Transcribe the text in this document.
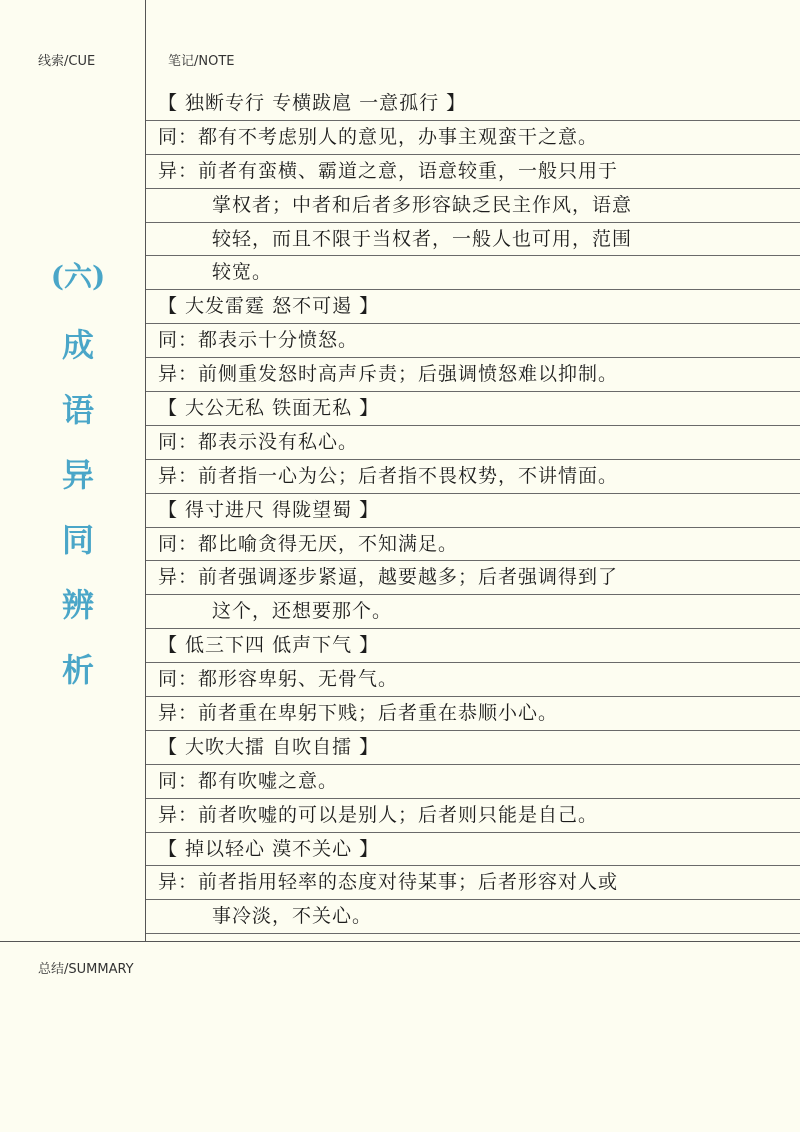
线索/CUE	笔记/NOTE
总结/SUMMARY
(六)
成
语
异
同
辨
析
【 独断专行 专横跋扈 一意孤行 】
同：都有不考虑别人的意见，办事主观蛮干之意。
异：前者有蛮横、霸道之意，语意较重，一般只用于
掌权者；中者和后者多形容缺乏民主作风，语意
较轻，而且不限于当权者，一般人也可用，范围
较宽。
【 大发雷霆 怒不可遏 】
同：都表示十分愤怒。
异：前侧重发怒时高声斥责；后强调愤怒难以抑制。
【 大公无私 铁面无私 】
同：都表示没有私心。
异：前者指一心为公；后者指不畏权势，不讲情面。
【 得寸进尺 得陇望蜀 】
同：都比喻贪得无厌，不知满足。
异：前者强调逐步紧逼，越要越多；后者强调得到了
这个，还想要那个。
【 低三下四 低声下气 】
同：都形容卑躬、无骨气。
异：前者重在卑躬下贱；后者重在恭顺小心。
【 大吹大擂 自吹自擂 】
同：都有吹嘘之意。
异：前者吹嘘的可以是别人；后者则只能是自己。
【 掉以轻心 漠不关心 】
异：前者指用轻率的态度对待某事；后者形容对人或
事冷淡，不关心。
